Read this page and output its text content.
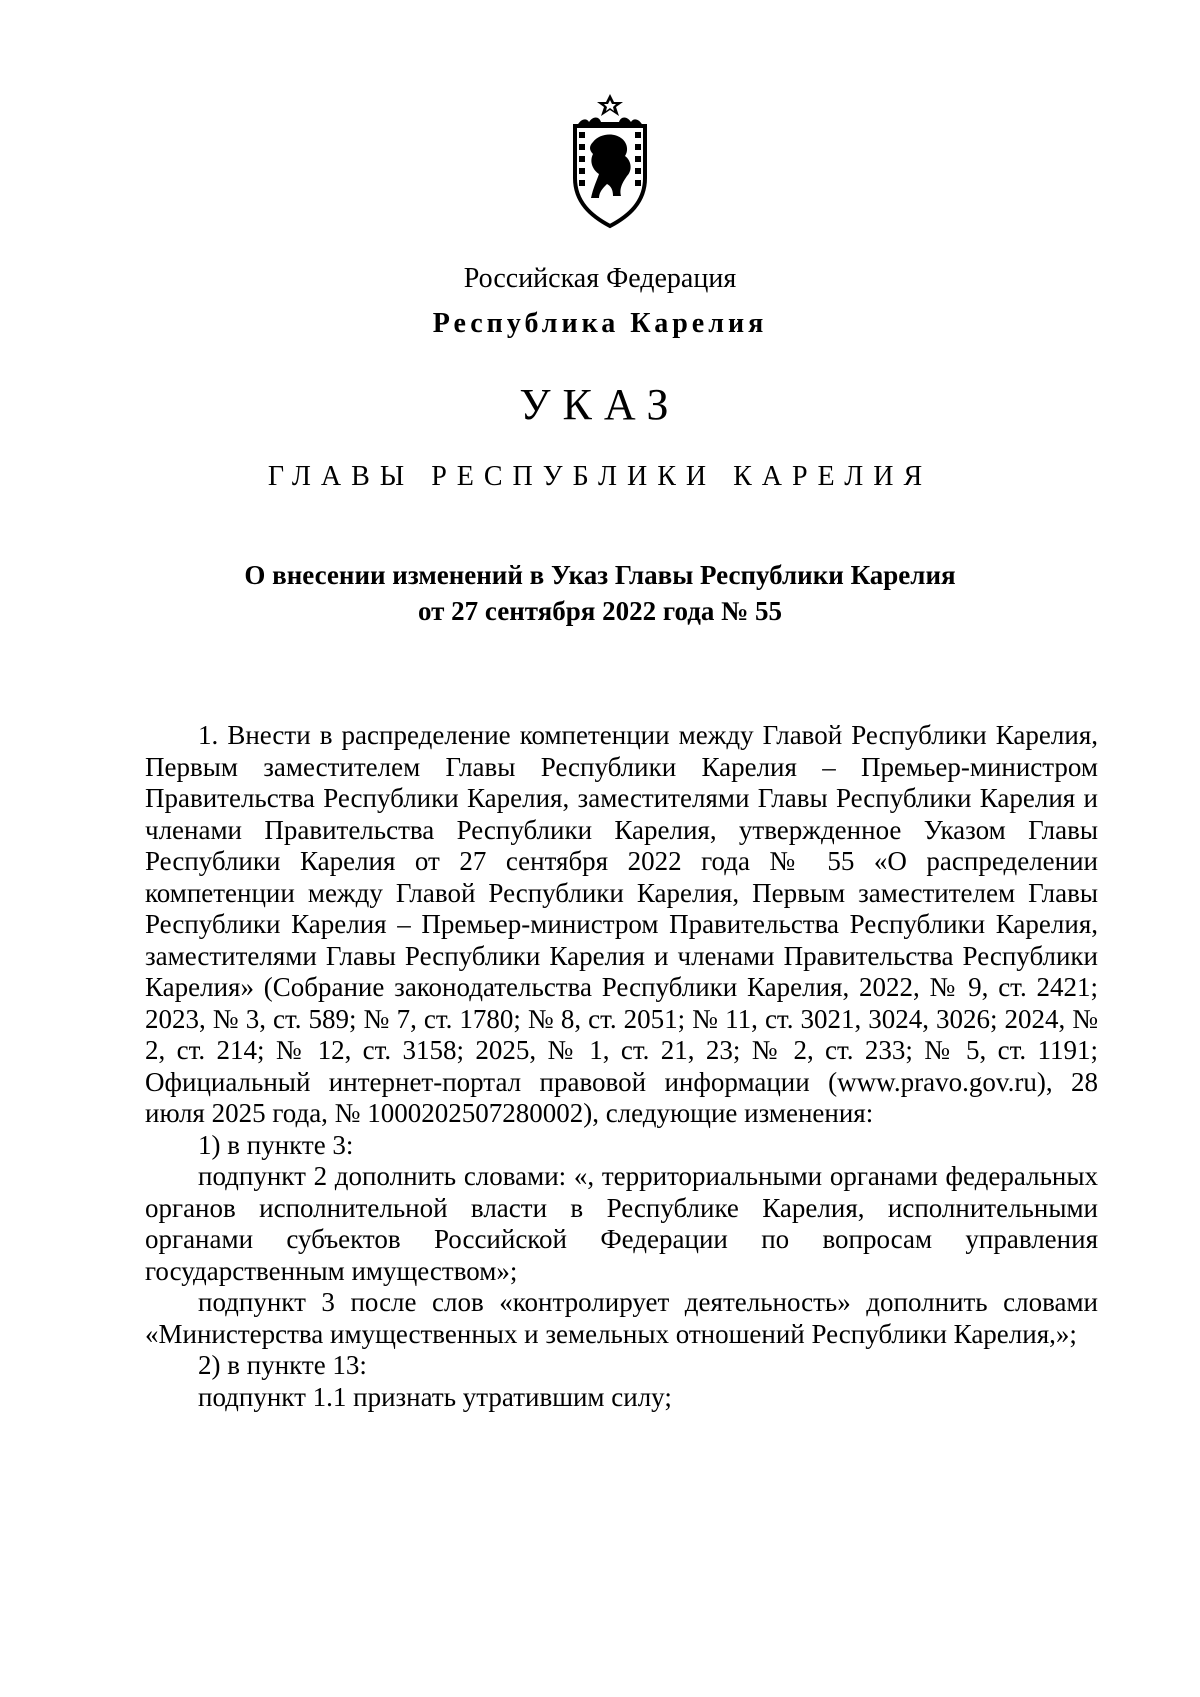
Российская Федерация
Республика Карелия
УКАЗ
ГЛАВЫ РЕСПУБЛИКИ КАРЕЛИЯ
О внесении изменений в Указ Главы Республики Карелия
от 27 сентября 2022 года № 55

1. Внести в распределение компетенции между Главой Республики Карелия, Первым заместителем Главы Республики Карелия – Премьер-министром Правительства Республики Карелия, заместителями Главы Республики Карелия и членами Правительства Республики Карелия, утвержденное Указом Главы Республики Карелия от 27 сентября 2022 года № 55 «О распределении компетенции между Главой Республики Карелия, Первым заместителем Главы Республики Карелия – Премьер-министром Правительства Республики Карелия, заместителями Главы Республики Карелия и членами Правительства Республики Карелия» (Собрание законодательства Республики Карелия, 2022, № 9, ст. 2421; 2023, № 3, ст. 589; № 7, ст. 1780; № 8, ст. 2051; № 11, ст. 3021, 3024, 3026; 2024, № 2, ст. 214; № 12, ст. 3158; 2025, № 1, ст. 21, 23; № 2, ст. 233; № 5, ст. 1191; Официальный интернет-портал правовой информации (www.pravo.gov.ru), 28 июля 2025 года, № 1000202507280002), следующие изменения:

1) в пункте 3:

подпункт 2 дополнить словами: «, территориальными органами федеральных органов исполнительной власти в Республике Карелия, исполнительными органами субъектов Российской Федерации по вопросам управления государственным имуществом»;

подпункт 3 после слов «контролирует деятельность» дополнить словами «Министерства имущественных и земельных отношений Республики Карелия,»;

2) в пункте 13:

подпункт 1.1 признать утратившим силу;
